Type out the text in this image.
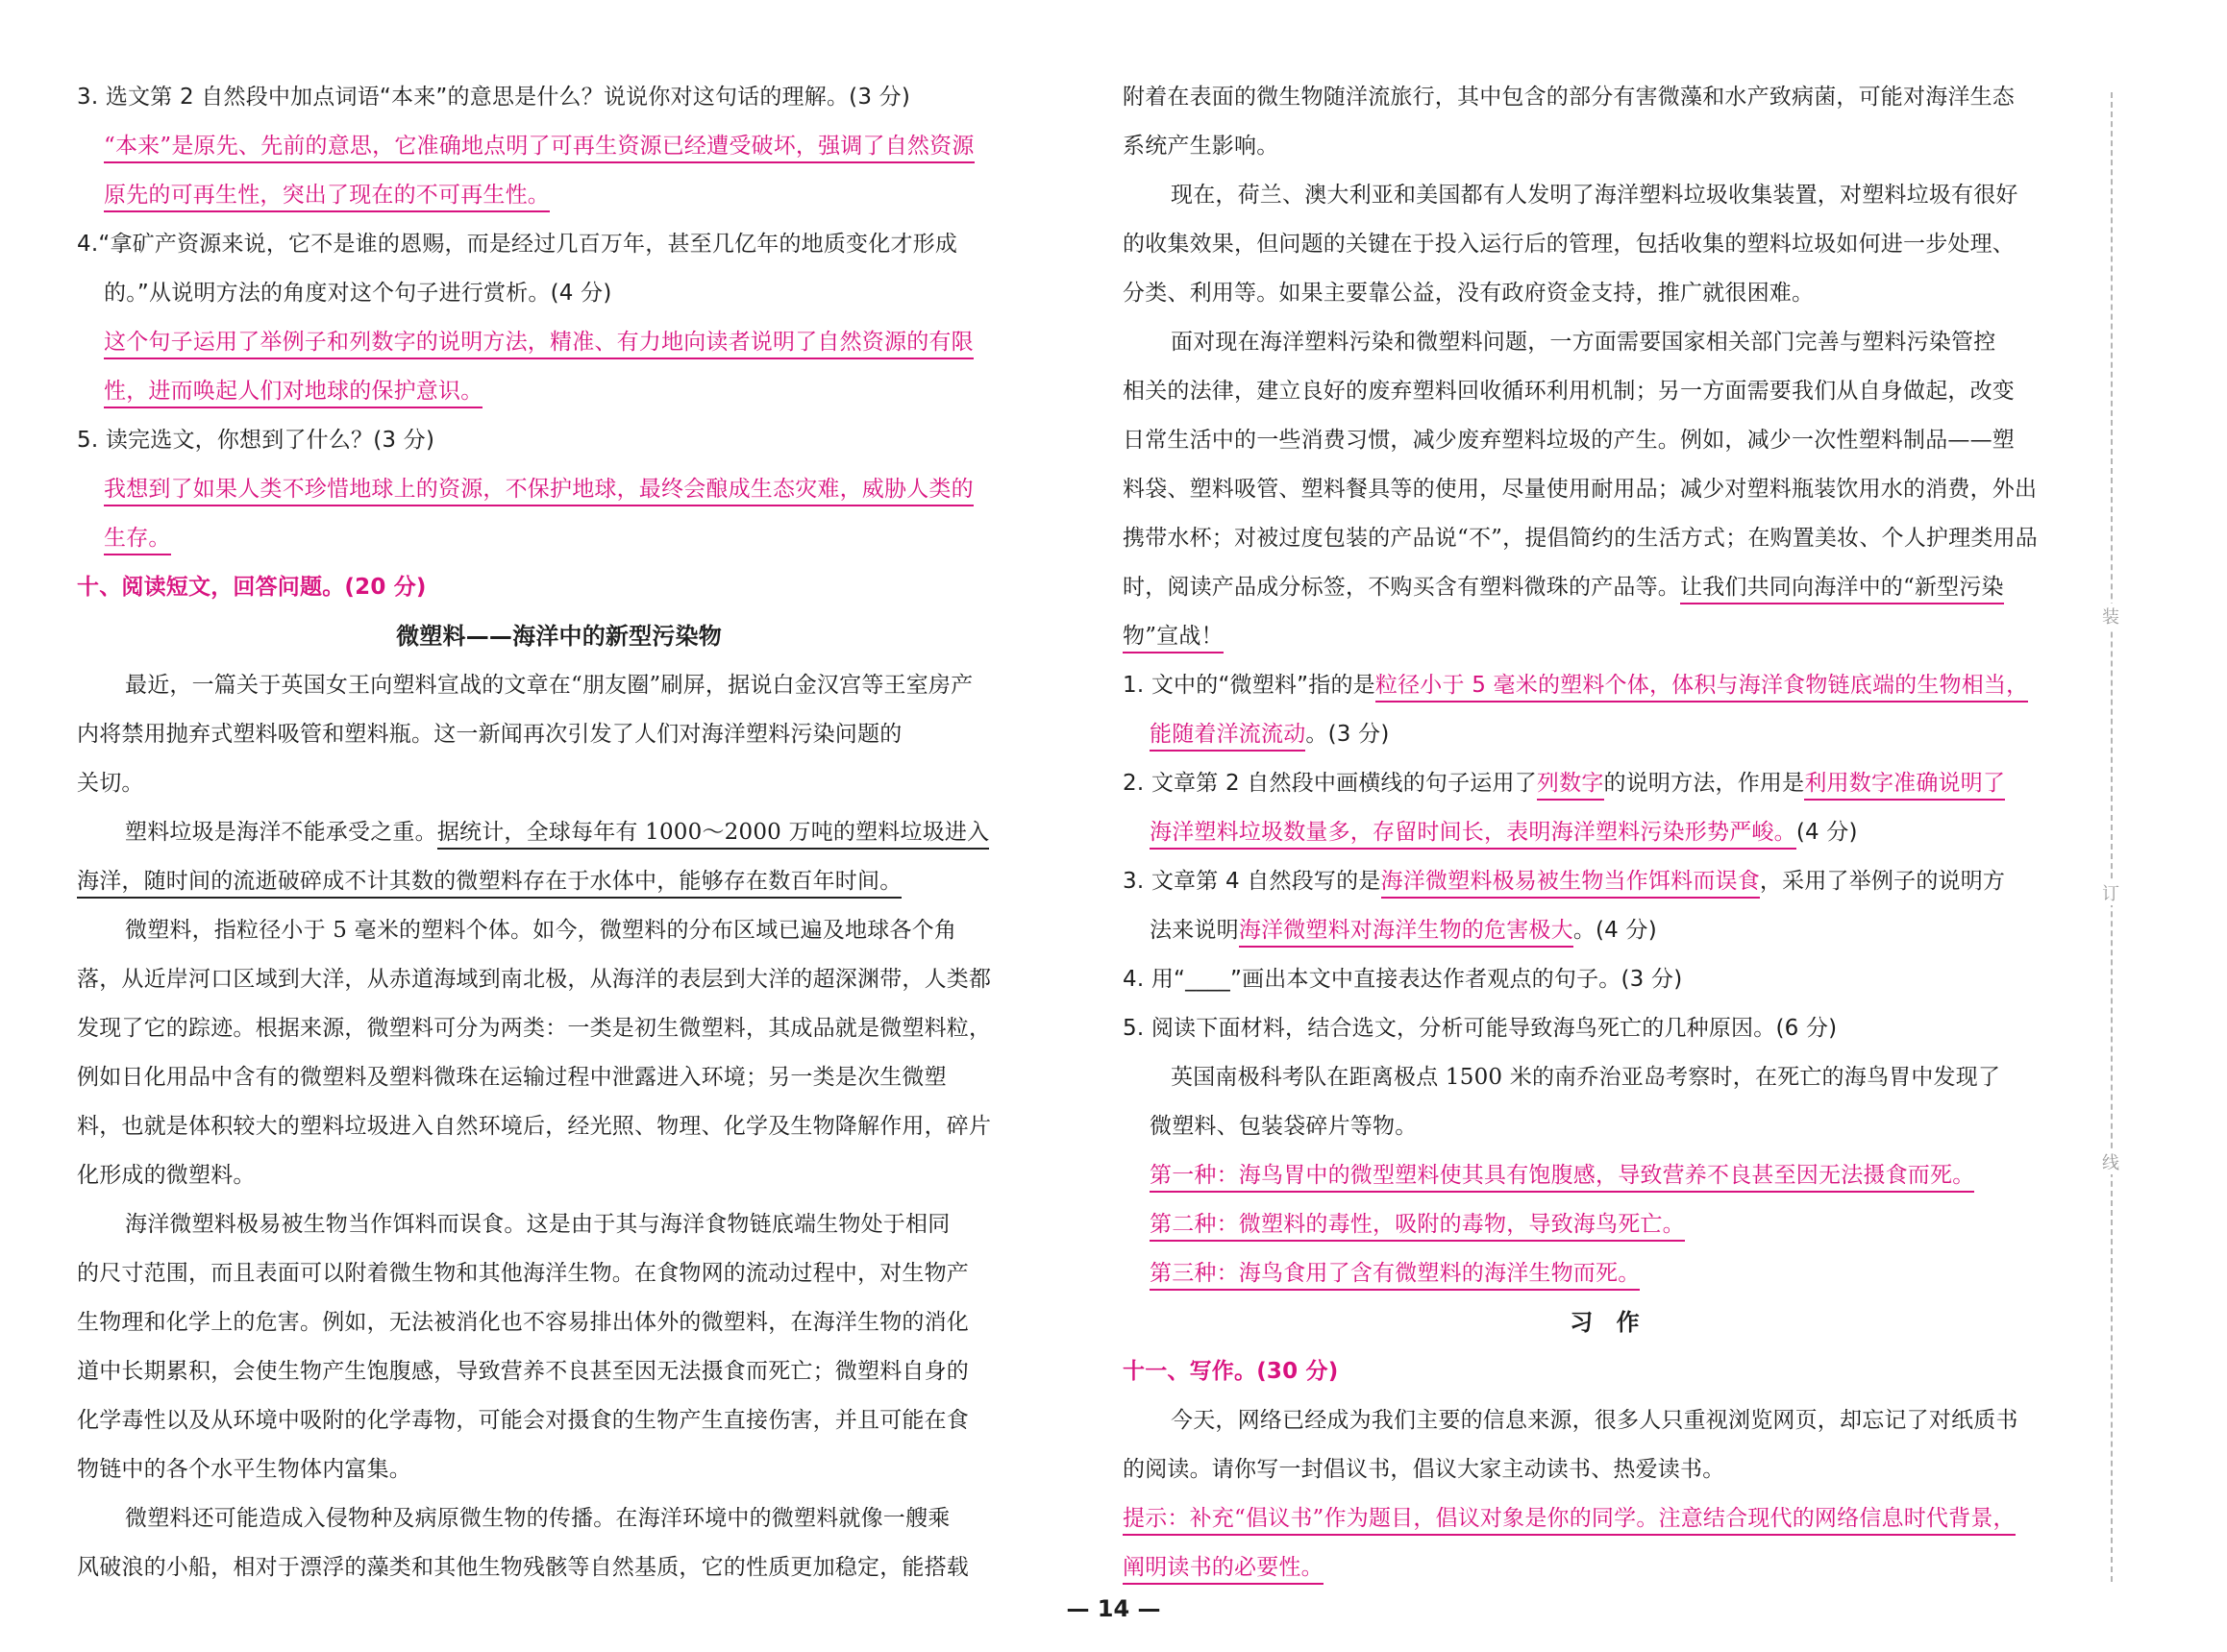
3. 选文第 2 自然段中加点词语“本来”的意思是什么？说说你对这句话的理解。(3 分)
“本来”是原先、先前的意思，它准确地点明了可再生资源已经遭受破坏，强调了自然资源
原先的可再生性，突出了现在的不可再生性。
4.“拿矿产资源来说，它不是谁的恩赐，而是经过几百万年，甚至几亿年的地质变化才形成
的。”从说明方法的角度对这个句子进行赏析。(4 分)
这个句子运用了举例子和列数字的说明方法，精准、有力地向读者说明了自然资源的有限
性，进而唤起人们对地球的保护意识。
5. 读完选文，你想到了什么？(3 分)
我想到了如果人类不珍惜地球上的资源，不保护地球，最终会酿成生态灾难，威胁人类的
生存。
十、阅读短文，回答问题。(20 分)
微塑料——海洋中的新型污染物
最近，一篇关于英国女王向塑料宣战的文章在“朋友圈”刷屏，据说白金汉宫等王室房产
内将禁用抛弃式塑料吸管和塑料瓶。这一新闻再次引发了人们对海洋塑料污染问题的
关切。
塑料垃圾是海洋不能承受之重。据统计，全球每年有 1000～2000 万吨的塑料垃圾进入
海洋，随时间的流逝破碎成不计其数的微塑料存在于水体中，能够存在数百年时间。
微塑料，指粒径小于 5 毫米的塑料个体。如今，微塑料的分布区域已遍及地球各个角
落，从近岸河口区域到大洋，从赤道海域到南北极，从海洋的表层到大洋的超深渊带，人类都
发现了它的踪迹。根据来源，微塑料可分为两类：一类是初生微塑料，其成品就是微塑料粒，
例如日化用品中含有的微塑料及塑料微珠在运输过程中泄露进入环境；另一类是次生微塑
料，也就是体积较大的塑料垃圾进入自然环境后，经光照、物理、化学及生物降解作用，碎片
化形成的微塑料。
海洋微塑料极易被生物当作饵料而误食。这是由于其与海洋食物链底端生物处于相同
的尺寸范围，而且表面可以附着微生物和其他海洋生物。在食物网的流动过程中，对生物产
生物理和化学上的危害。例如，无法被消化也不容易排出体外的微塑料，在海洋生物的消化
道中长期累积，会使生物产生饱腹感，导致营养不良甚至因无法摄食而死亡；微塑料自身的
化学毒性以及从环境中吸附的化学毒物，可能会对摄食的生物产生直接伤害，并且可能在食
物链中的各个水平生物体内富集。
微塑料还可能造成入侵物种及病原微生物的传播。在海洋环境中的微塑料就像一艘乘
风破浪的小船，相对于漂浮的藻类和其他生物残骸等自然基质，它的性质更加稳定，能搭载
附着在表面的微生物随洋流旅行，其中包含的部分有害微藻和水产致病菌，可能对海洋生态
系统产生影响。
现在，荷兰、澳大利亚和美国都有人发明了海洋塑料垃圾收集装置，对塑料垃圾有很好
的收集效果，但问题的关键在于投入运行后的管理，包括收集的塑料垃圾如何进一步处理、
分类、利用等。如果主要靠公益，没有政府资金支持，推广就很困难。
面对现在海洋塑料污染和微塑料问题，一方面需要国家相关部门完善与塑料污染管控
相关的法律，建立良好的废弃塑料回收循环利用机制；另一方面需要我们从自身做起，改变
日常生活中的一些消费习惯，减少废弃塑料垃圾的产生。例如，减少一次性塑料制品——塑
料袋、塑料吸管、塑料餐具等的使用，尽量使用耐用品；减少对塑料瓶装饮用水的消费，外出
携带水杯；对被过度包装的产品说“不”，提倡简约的生活方式；在购置美妆、个人护理类用品
时，阅读产品成分标签，不购买含有塑料微珠的产品等。让我们共同向海洋中的“新型污染
物”宣战！
1. 文中的“微塑料”指的是粒径小于 5 毫米的塑料个体，体积与海洋食物链底端的生物相当，
能随着洋流流动。(3 分)
2. 文章第 2 自然段中画横线的句子运用了列数字的说明方法，作用是利用数字准确说明了
海洋塑料垃圾数量多，存留时间长，表明海洋塑料污染形势严峻。(4 分)
3. 文章第 4 自然段写的是海洋微塑料极易被生物当作饵料而误食，采用了举例子的说明方
法来说明海洋微塑料对海洋生物的危害极大。(4 分)
4. 用“____”画出本文中直接表达作者观点的句子。(3 分)
5. 阅读下面材料，结合选文，分析可能导致海鸟死亡的几种原因。(6 分)
英国南极科考队在距离极点 1500 米的南乔治亚岛考察时，在死亡的海鸟胃中发现了
微塑料、包装袋碎片等物。
第一种：海鸟胃中的微型塑料使其具有饱腹感，导致营养不良甚至因无法摄食而死。
第二种：微塑料的毒性，吸附的毒物，导致海鸟死亡。
第三种：海鸟食用了含有微塑料的海洋生物而死。
习　作
十一、写作。(30 分)
今天，网络已经成为我们主要的信息来源，很多人只重视浏览网页，却忘记了对纸质书
的阅读。请你写一封倡议书，倡议大家主动读书、热爱读书。
提示：补充“倡议书”作为题目，倡议对象是你的同学。注意结合现代的网络信息时代背景，
阐明读书的必要性。
装
订
线
— 14 —
